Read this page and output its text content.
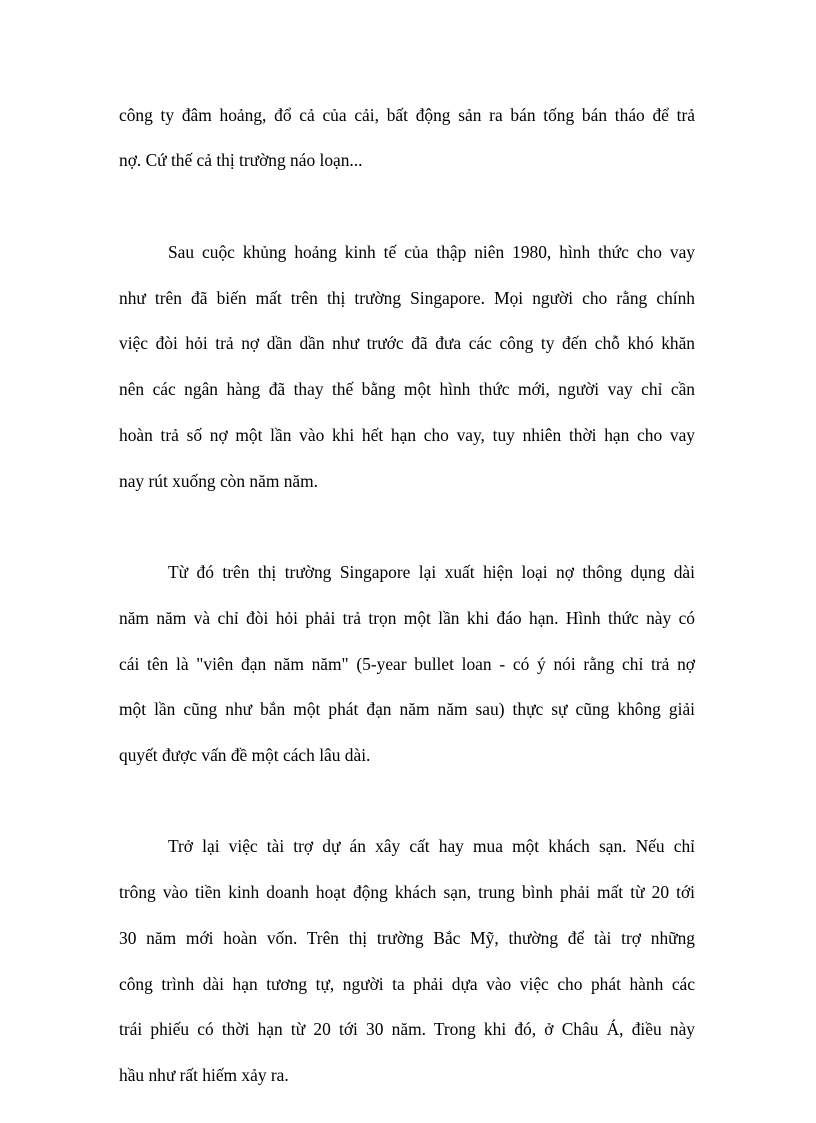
công ty đâm hoảng, đổ cả của cải, bất động sản ra bán tống bán tháo để trả
nợ. Cứ thế cả thị trường náo loạn...
Sau cuộc khủng hoảng kinh tế của thập niên 1980, hình thức cho vay
như trên đã biến mất trên thị trường Singapore. Mọi người cho rằng chính
việc đòi hỏi trả nợ dần dần như trước đã đưa các công ty đến chỗ khó khăn
nên các ngân hàng đã thay thế bằng một hình thức mới, người vay chỉ cần
hoàn trả số nợ một lần vào khi hết hạn cho vay, tuy nhiên thời hạn cho vay
nay rút xuống còn năm năm.
Từ đó trên thị trường Singapore lại xuất hiện loại nợ thông dụng dài
năm năm và chỉ đòi hỏi phải trả trọn một lần khi đáo hạn. Hình thức này có
cái tên là "viên đạn năm năm" (5-year bullet loan - có ý nói rằng chỉ trả nợ
một lần cũng như bắn một phát đạn năm năm sau) thực sự cũng không giải
quyết được vấn đề một cách lâu dài.
Trở lại việc tài trợ dự án xây cất hay mua một khách sạn. Nếu chỉ
trông vào tiền kinh doanh hoạt động khách sạn, trung bình phải mất từ 20 tới
30 năm mới hoàn vốn. Trên thị trường Bắc Mỹ, thường để tài trợ những
công trình dài hạn tương tự, người ta phải dựa vào việc cho phát hành các
trái phiếu có thời hạn từ 20 tới 30 năm. Trong khi đó, ở Châu Á, điều này
hầu như rất hiếm xảy ra.
